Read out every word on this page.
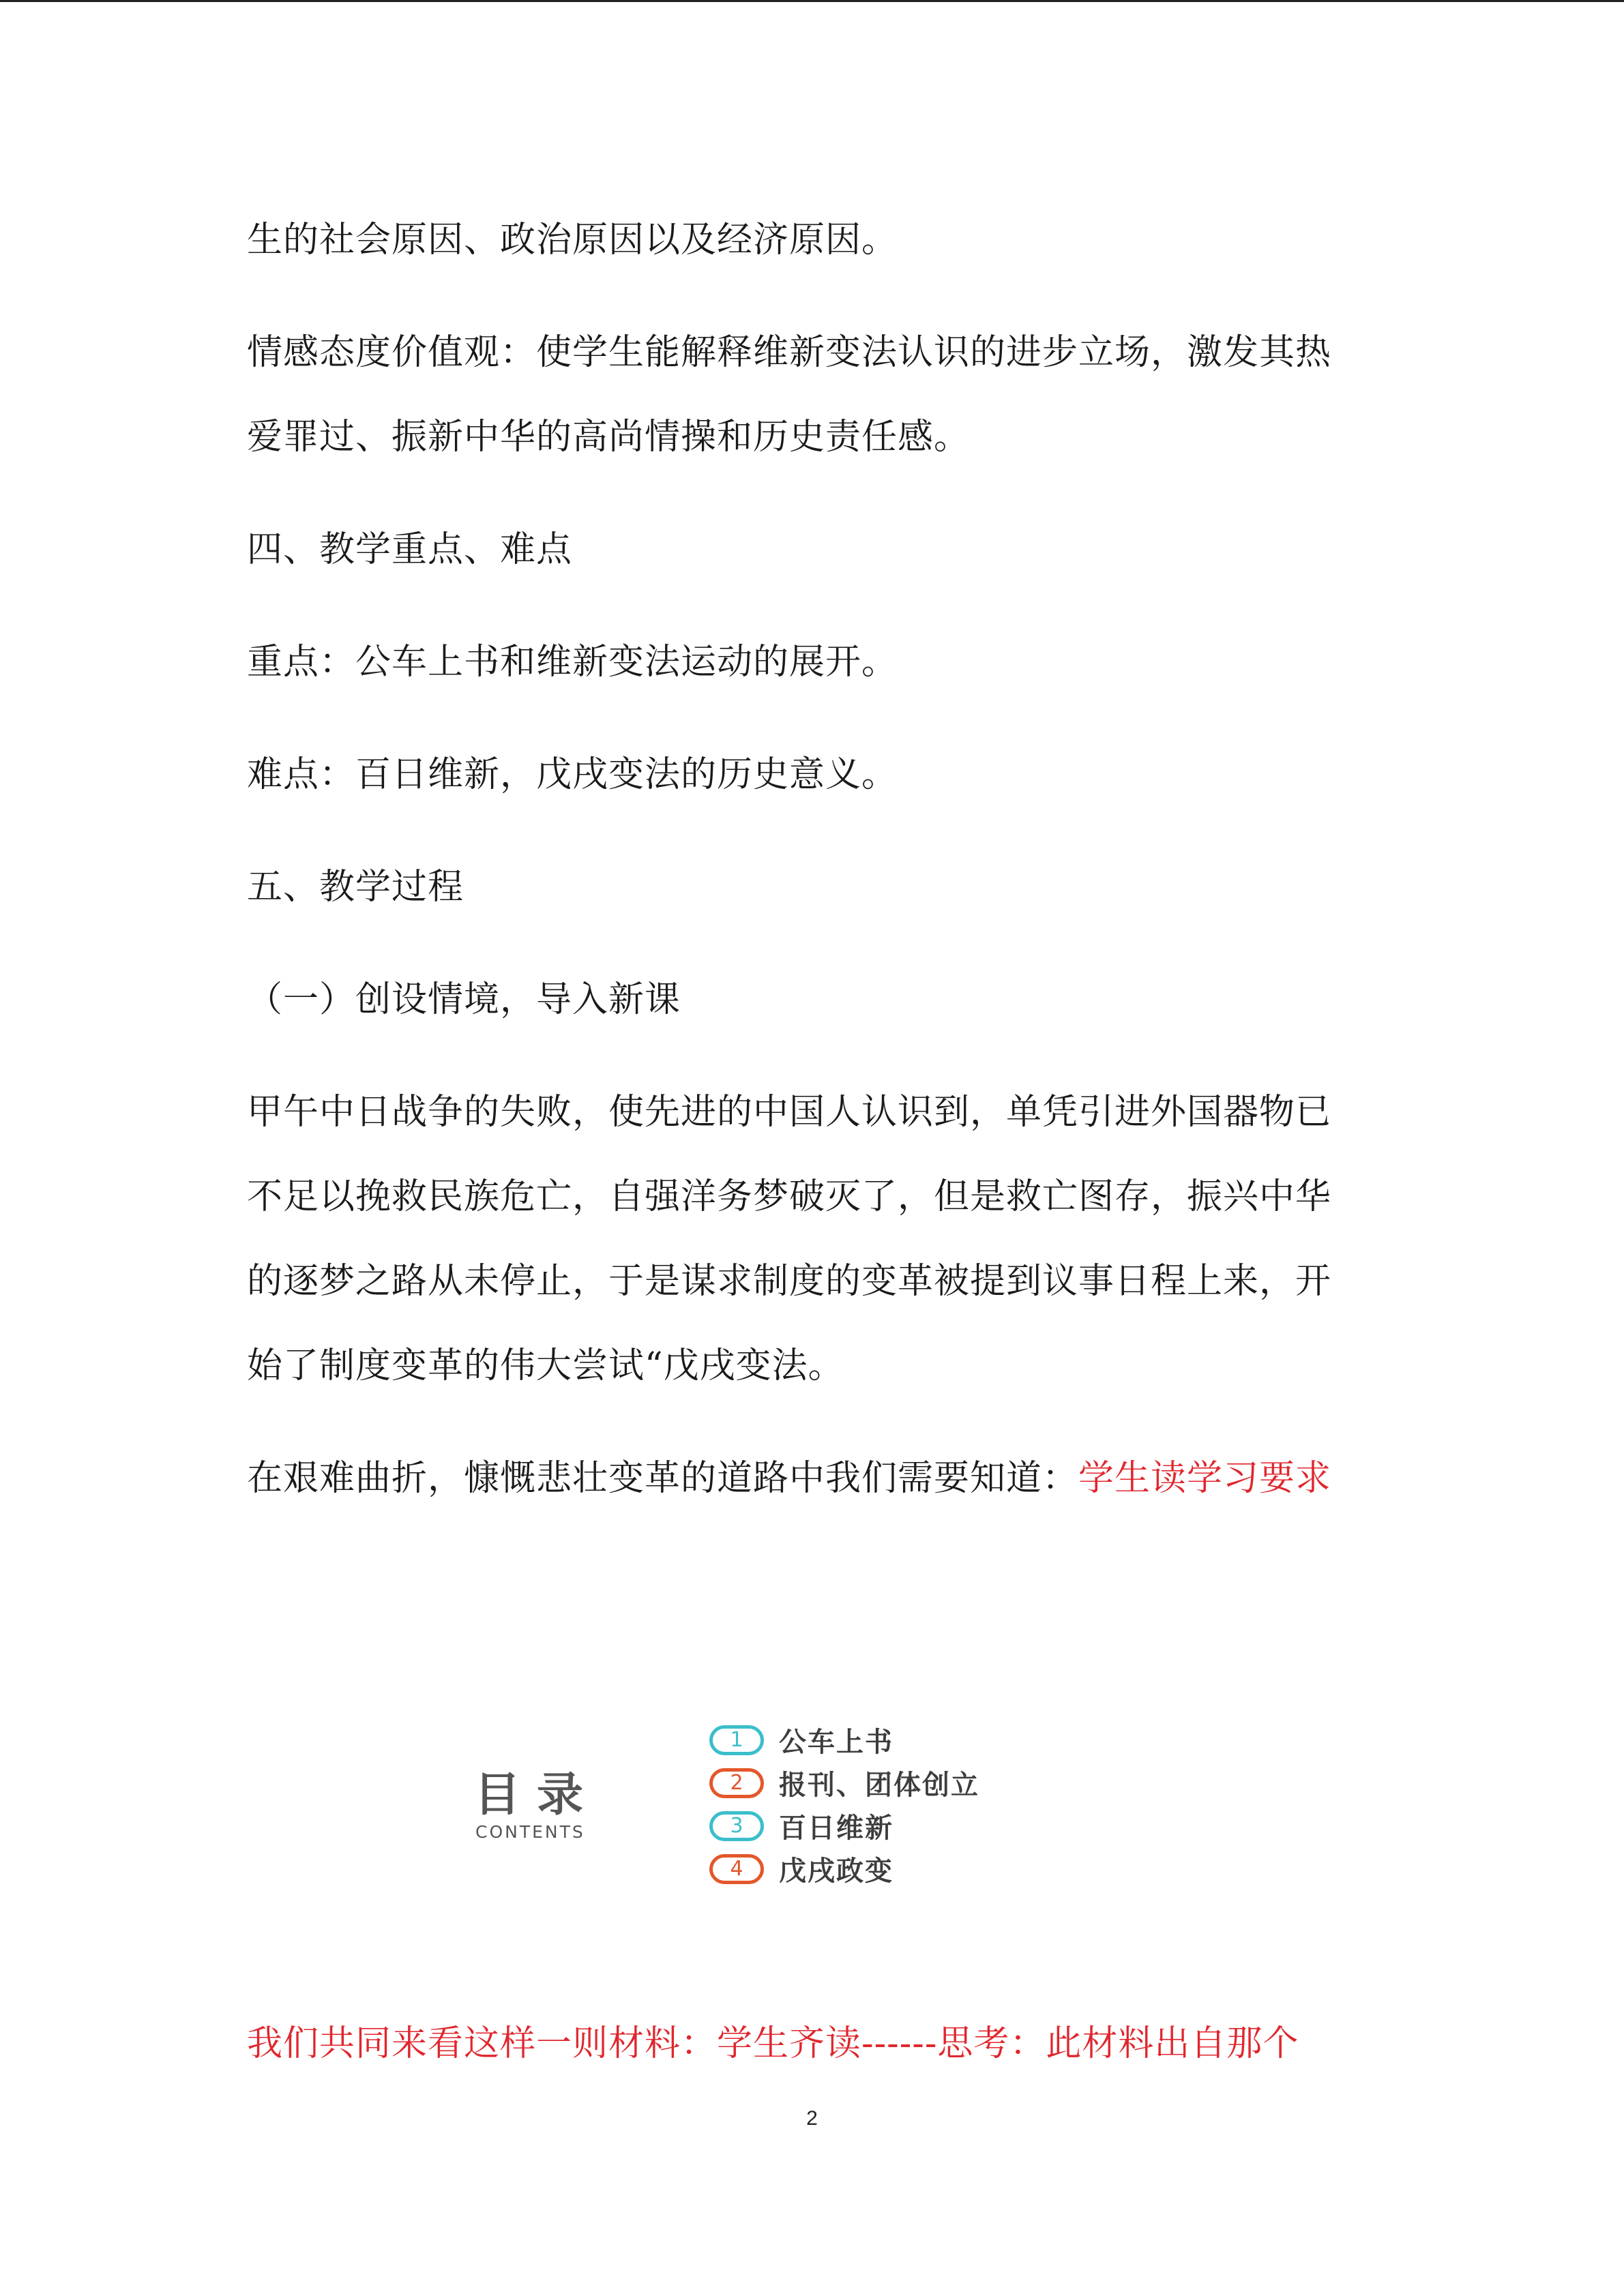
生的社会原因、政治原因以及经济原因。

情感态度价值观：使学生能解释维新变法认识的进步立场，激发其热爱罪过、振新中华的高尚情操和历史责任感。

四、教学重点、难点

重点：公车上书和维新变法运动的展开。

难点：百日维新，戊戌变法的历史意义。

五、教学过程

（一）创设情境，导入新课

甲午中日战争的失败，使先进的中国人认识到，单凭引进外国器物已不足以挽救民族危亡，自强洋务梦破灭了，但是救亡图存，振兴中华的逐梦之路从未停止，于是谋求制度的变革被提到议事日程上来，开始了制度变革的伟大尝试“戊戌变法。

在艰难曲折，慷慨悲壮变革的道路中我们需要知道：学生读学习要求

目录
CONTENTS
1	公车上书
2	报刊、团体创立
3	百日维新
4	戊戌政变
我们共同来看这样一则材料：学生齐读------思考：此材料出自那个
2
